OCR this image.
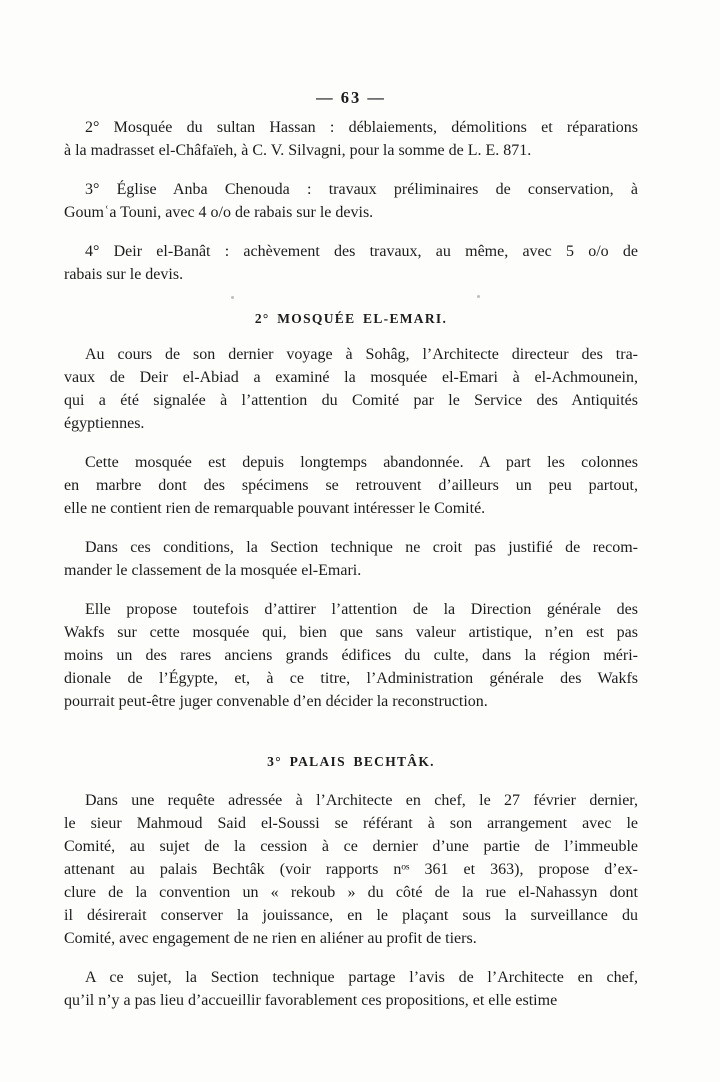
— 63 —

2° Mosquée du sultan Hassan : déblaiements, démolitions et réparations
à la madrasset el-Châfaïeh, à C. V. Silvagni, pour la somme de L. E. 871.

3° Église Anba Chenouda : travaux préliminaires de conservation, à
Goumʿa Touni, avec 4 o/o de rabais sur le devis.

4° Deir el-Banât : achèvement des travaux, au même, avec 5 o/o de
rabais sur le devis.

2° MOSQUÉE EL-EMARI.

Au cours de son dernier voyage à Sohâg, l’Architecte directeur des tra-
vaux de Deir el-Abiad a examiné la mosquée el-Emari à el-Achmounein,
qui a été signalée à l’attention du Comité par le Service des Antiquités
égyptiennes.

Cette mosquée est depuis longtemps abandonnée. A part les colonnes
en marbre dont des spécimens se retrouvent d’ailleurs un peu partout,
elle ne contient rien de remarquable pouvant intéresser le Comité.

Dans ces conditions, la Section technique ne croit pas justifié de recom-
mander le classement de la mosquée el-Emari.

Elle propose toutefois d’attirer l’attention de la Direction générale des
Wakfs sur cette mosquée qui, bien que sans valeur artistique, n’en est pas
moins un des rares anciens grands édifices du culte, dans la région méri-
dionale de l’Égypte, et, à ce titre, l’Administration générale des Wakfs
pourrait peut-être juger convenable d’en décider la reconstruction.

3° PALAIS BECHTÂK.

Dans une requête adressée à l’Architecte en chef, le 27 février dernier,
le sieur Mahmoud Said el-Soussi se référant à son arrangement avec le
Comité, au sujet de la cession à ce dernier d’une partie de l’immeuble
attenant au palais Bechtâk (voir rapports nᵒˢ 361 et 363), propose d’ex-
clure de la convention un « rekoub » du côté de la rue el-Nahassyn dont
il désirerait conserver la jouissance, en le plaçant sous la surveillance du
Comité, avec engagement de ne rien en aliéner au profit de tiers.

A ce sujet, la Section technique partage l’avis de l’Architecte en chef,
qu’il n’y a pas lieu d’accueillir favorablement ces propositions, et elle estime
